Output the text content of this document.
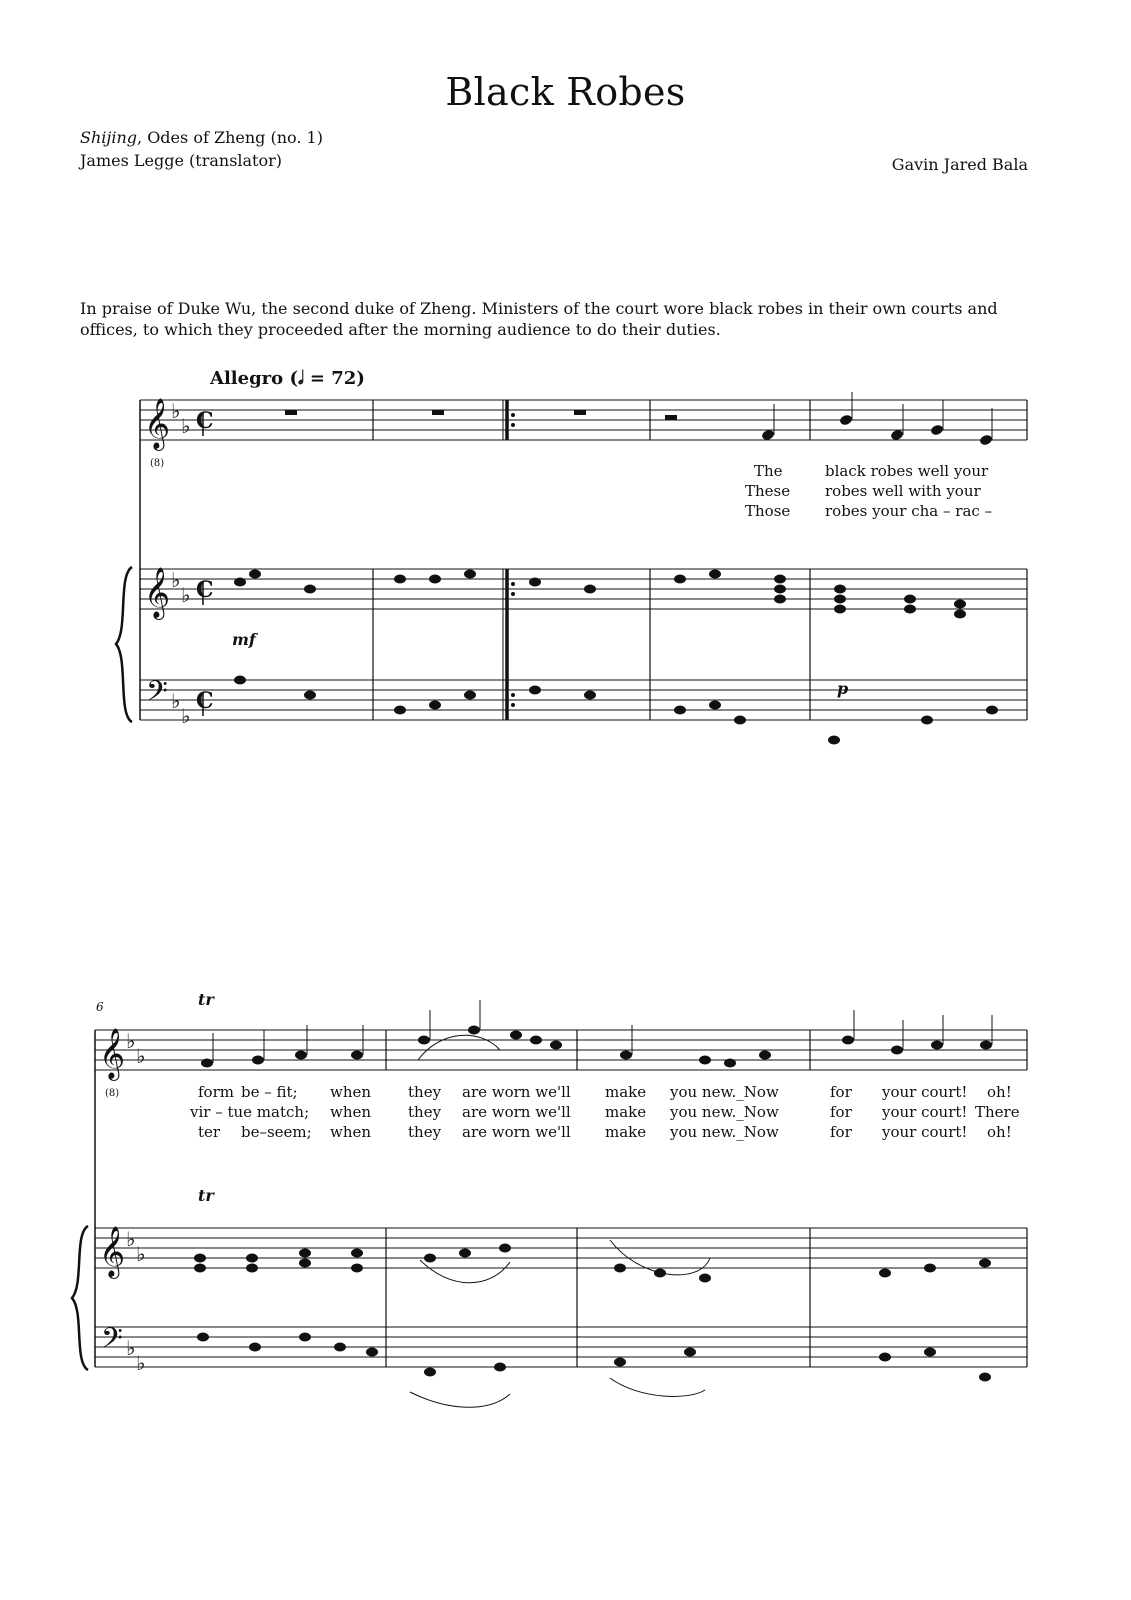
Black Robes
Shijing, Odes of Zheng (no. 1)
James Legge (translator)	Gavin Jared Bala
In praise of Duke Wu, the second duke of Zheng. Ministers of the court wore black robes in their own courts and offices, to which they proceeded after the morning audience to do their duties.
Allegro (𝅗𝅥 = 72)
𝄞
(8)
𝄞
𝄢
♭
♭
♭
♭
♭
♭
C
C
C
𝄞
(8)
𝄞
𝄢
♭
♭
♭
♭
♭
♭
mf
p
The	black robes well your
These robes well with your
Those robes your cha – rac –
6	tr
tr
form be – fit; when they are worn we'll make you new._Now	for your court! oh!
vir – tue match; when they are worn we'll make you new._Now	for your court! There
ter be–seem; when they are worn we'll make you new._Now	for your court! oh!
